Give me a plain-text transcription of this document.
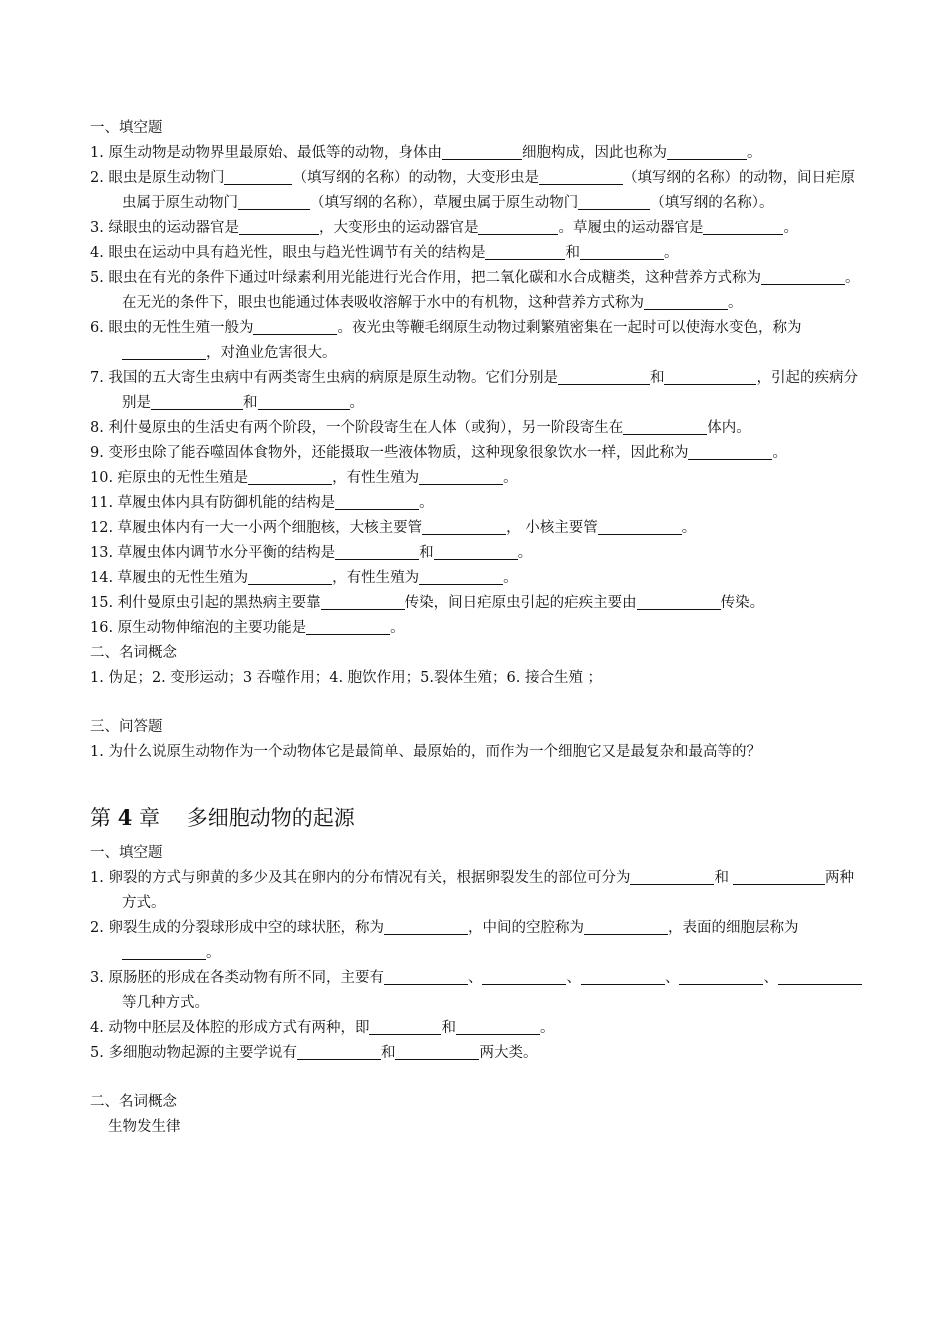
一、填空题

1. 原生动物是动物界里最原始、最低等的动物，身体由	细胞构成，因此也称为	。

2. 眼虫是原生动物门	（填写纲的名称）的动物，大变形虫是	（填写纲的名称）的动物，间日疟原虫属于原生动物门	（填写纲的名称），草履虫属于原生动物门	（填写纲的名称）。

3. 绿眼虫的运动器官是	，大变形虫的运动器官是	。草履虫的运动器官是	。

4. 眼虫在运动中具有趋光性，眼虫与趋光性调节有关的结构是	和	。

5. 眼虫在有光的条件下通过叶绿素利用光能进行光合作用，把二氧化碳和水合成糖类，这种营养方式称为	。在无光的条件下，眼虫也能通过体表吸收溶解于水中的有机物，这种营养方式称为	。

6. 眼虫的无性生殖一般为	。夜光虫等鞭毛纲原生动物过剩繁殖密集在一起时可以使海水变色，称为，对渔业危害很大。

7. 我国的五大寄生虫病中有两类寄生虫病的病原是原生动物。它们分别是	和	，引起的疾病分别是	和	。

8. 利什曼原虫的生活史有两个阶段，一个阶段寄生在人体（或狗），另一阶段寄生在	体内。

9. 变形虫除了能吞噬固体食物外，还能摄取一些液体物质，这种现象很象饮水一样，因此称为	。

10. 疟原虫的无性生殖是	，有性生殖为	。

11. 草履虫体内具有防御机能的结构是	。

12. 草履虫体内有一大一小两个细胞核，大核主要管	， 小核主要管	。

13. 草履虫体内调节水分平衡的结构是	和	。

14. 草履虫的无性生殖为	，有性生殖为	。

15. 利什曼原虫引起的黑热病主要靠	传染，间日疟原虫引起的疟疾主要由	传染。

16. 原生动物伸缩泡的主要功能是	。

二、名词概念

1. 伪足；2. 变形运动；3 吞噬作用；4. 胞饮作用；5.裂体生殖；6. 接合生殖 ；

三、问答题

1. 为什么说原生动物作为一个动物体它是最简单、最原始的，而作为一个细胞它又是最复杂和最高等的？

第 4 章 多细胞动物的起源

一、填空题

1. 卵裂的方式与卵黄的多少及其在卵内的分布情况有关，根据卵裂发生的部位可分为	和	两种方式。

2. 卵裂生成的分裂球形成中空的球状胚，称为	，中间的空腔称为	，表面的细胞层称为。

3. 原肠胚的形成在各类动物有所不同，主要有	、	、	、	、等几种方式。

4. 动物中胚层及体腔的形成方式有两种，即	和	。

5. 多细胞动物起源的主要学说有	和	两大类。

二、名词概念

生物发生律
